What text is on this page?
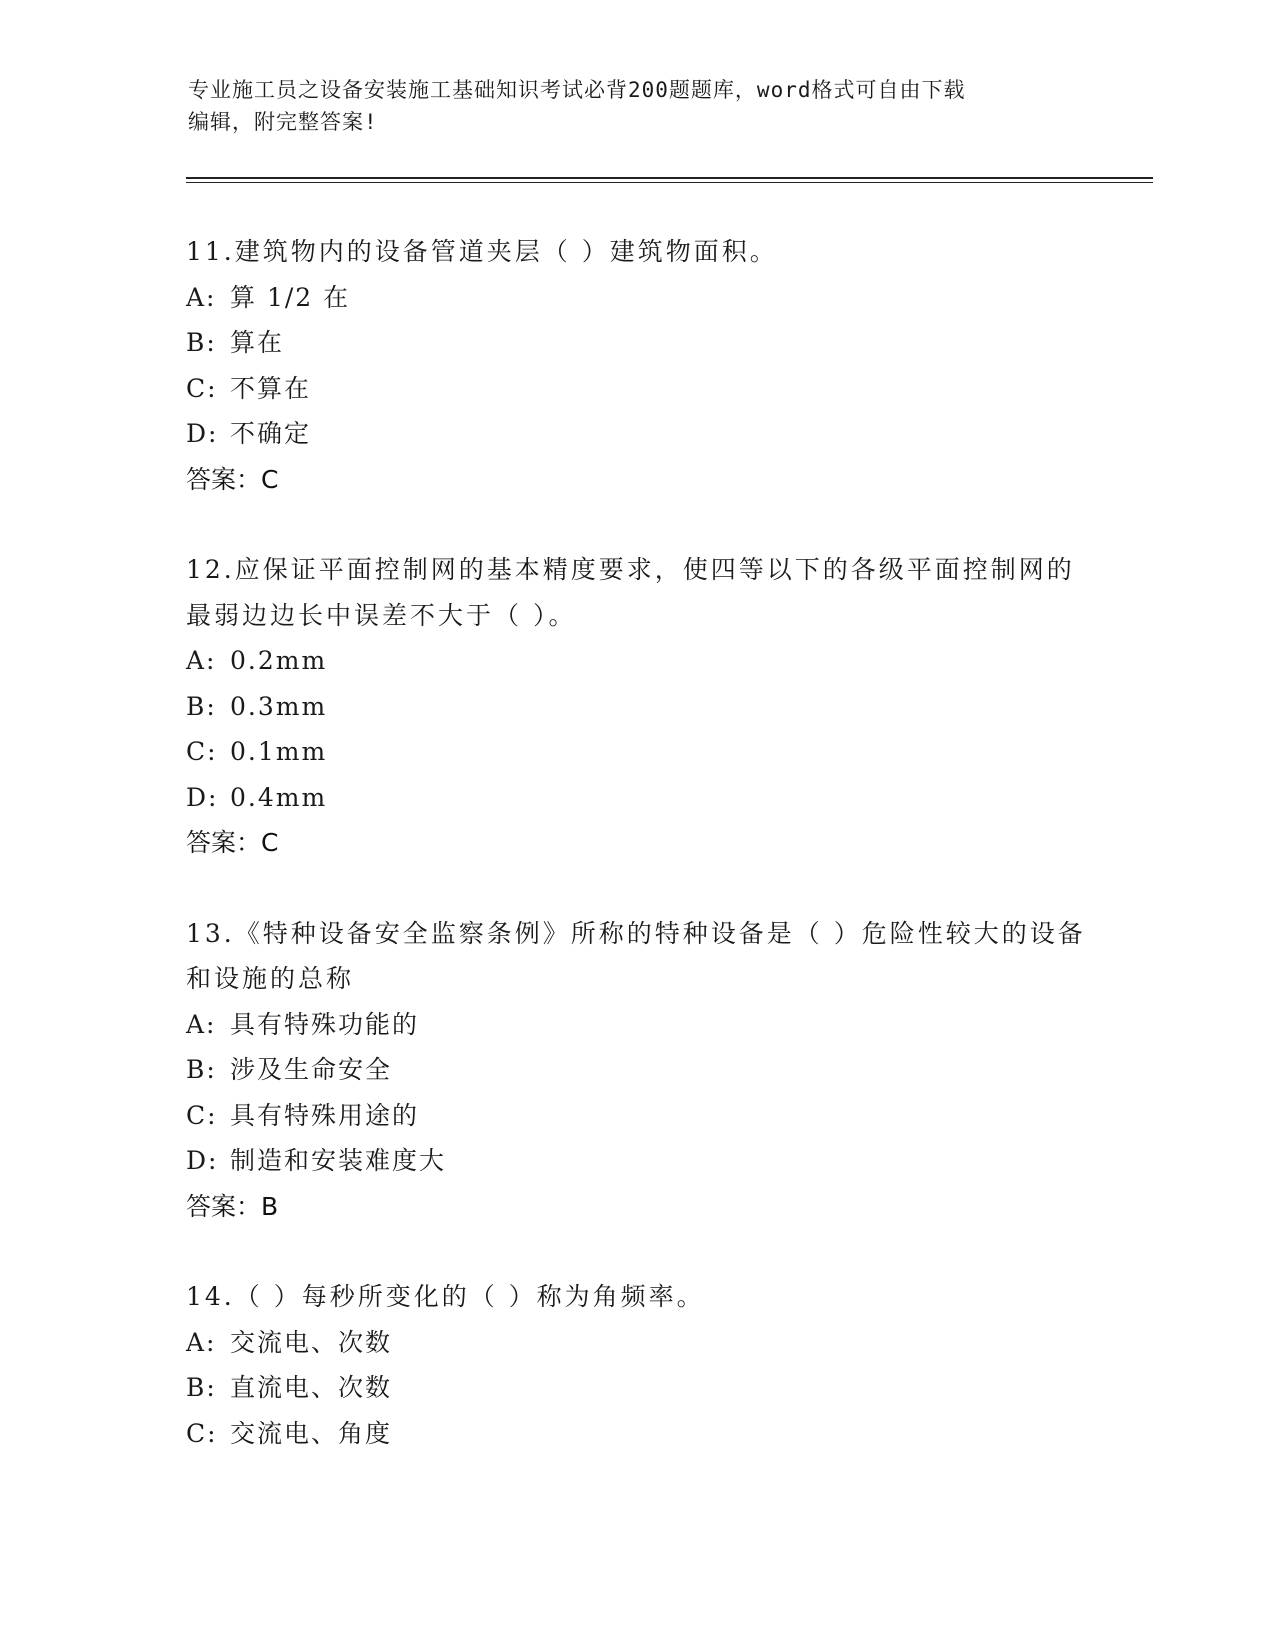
专业施工员之设备安装施工基础知识考试必背200题题库，word格式可自由下载
编辑，附完整答案!
11.建筑物内的设备管道夹层（ ）建筑物面积。
A: 算 1/2 在
B: 算在
C: 不算在
D: 不确定
答案：C
12.应保证平面控制网的基本精度要求，使四等以下的各级平面控制网的最弱边边长中误差不大于（ ）。
A: 0.2mm
B: 0.3mm
C: 0.1mm
D: 0.4mm
答案：C
13.《特种设备安全监察条例》所称的特种设备是（ ）危险性较大的设备和设施的总称
A: 具有特殊功能的
B: 涉及生命安全
C: 具有特殊用途的
D: 制造和安装难度大
答案：B
14.（ ）每秒所变化的（ ）称为角频率。
A: 交流电、次数
B: 直流电、次数
C: 交流电、角度
